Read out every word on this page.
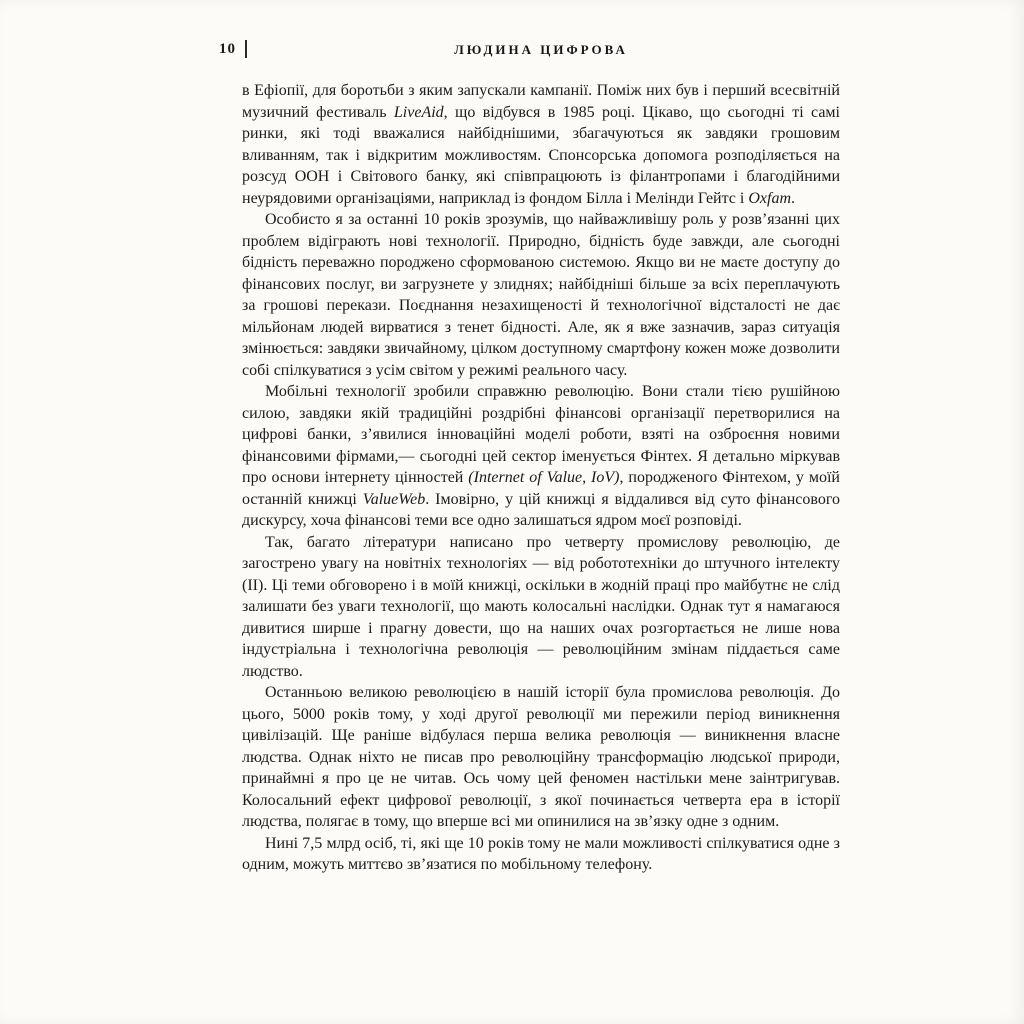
10	ЛЮДИНА ЦИФРОВА

в Ефіопії, для боротьби з яким запускали кампанії. Поміж них був і перший всесвітній музичний фестиваль LiveAid, що відбувся в 1985 році. Цікаво, що сьогодні ті самі ринки, які тоді вважалися найбіднішими, збагачуються як завдяки грошовим вливанням, так і відкритим можливостям. Спонсорська допомога розподіляється на розсуд ООН і Світового банку, які співпрацюють із філантропами і благодійними неурядовими організаціями, наприклад із фондом Білла і Мелінди Гейтс і Oxfam.

Особисто я за останні 10 років зрозумів, що найважливішу роль у розв’язанні цих проблем відіграють нові технології. Природно, бідність буде завжди, але сьогодні бідність переважно породжено сформованою системою. Якщо ви не маєте доступу до фінансових послуг, ви загрузнете у злиднях; найбідніші більше за всіх переплачують за грошові перекази. Поєднання незахищеності й технологічної відсталості не дає мільйонам людей вирватися з тенет бідності. Але, як я вже зазначив, зараз ситуація змінюється: завдяки звичайному, цілком доступному смартфону кожен може дозволити собі спілкуватися з усім світом у режимі реального часу.

Мобільні технології зробили справжню революцію. Вони стали тією рушійною силою, завдяки якій традиційні роздрібні фінансові організації перетворилися на цифрові банки, з’явилися інноваційні моделі роботи, взяті на озброєння новими фінансовими фірмами,— сьогодні цей сектор іменується Фінтех. Я детально міркував про основи інтернету цінностей (Internet of Value, IoV), породженого Фінтехом, у моїй останній книжці ValueWeb. Імовірно, у цій книжці я віддалився від суто фінансового дискурсу, хоча фінансові теми все одно залишаться ядром моєї розповіді.

Так, багато літератури написано про четверту промислову революцію, де загострено увагу на новітніх технологіях — від робототехніки до штучного інтелекту (ІІ). Ці теми обговорено і в моїй книжці, оскільки в жодній праці про майбутнє не слід залишати без уваги технології, що мають колосальні наслідки. Однак тут я намагаюся дивитися ширше і прагну довести, що на наших очах розгортається не лише нова індустріальна і технологічна революція — революційним змінам піддається саме людство.

Останньою великою революцією в нашій історії була промислова революція. До цього, 5000 років тому, у ході другої революції ми пережили період виникнення цивілізацій. Ще раніше відбулася перша велика революція — виникнення власне людства. Однак ніхто не писав про революційну трансформацію людської природи, принаймні я про це не читав. Ось чому цей феномен настільки мене заінтригував. Колосальний ефект цифрової революції, з якої починається четверта ера в історії людства, полягає в тому, що вперше всі ми опинилися на зв’язку одне з одним.

Нині 7,5 млрд осіб, ті, які ще 10 років тому не мали можливості спілкуватися одне з одним, можуть миттєво зв’язатися по мобільному телефону.
